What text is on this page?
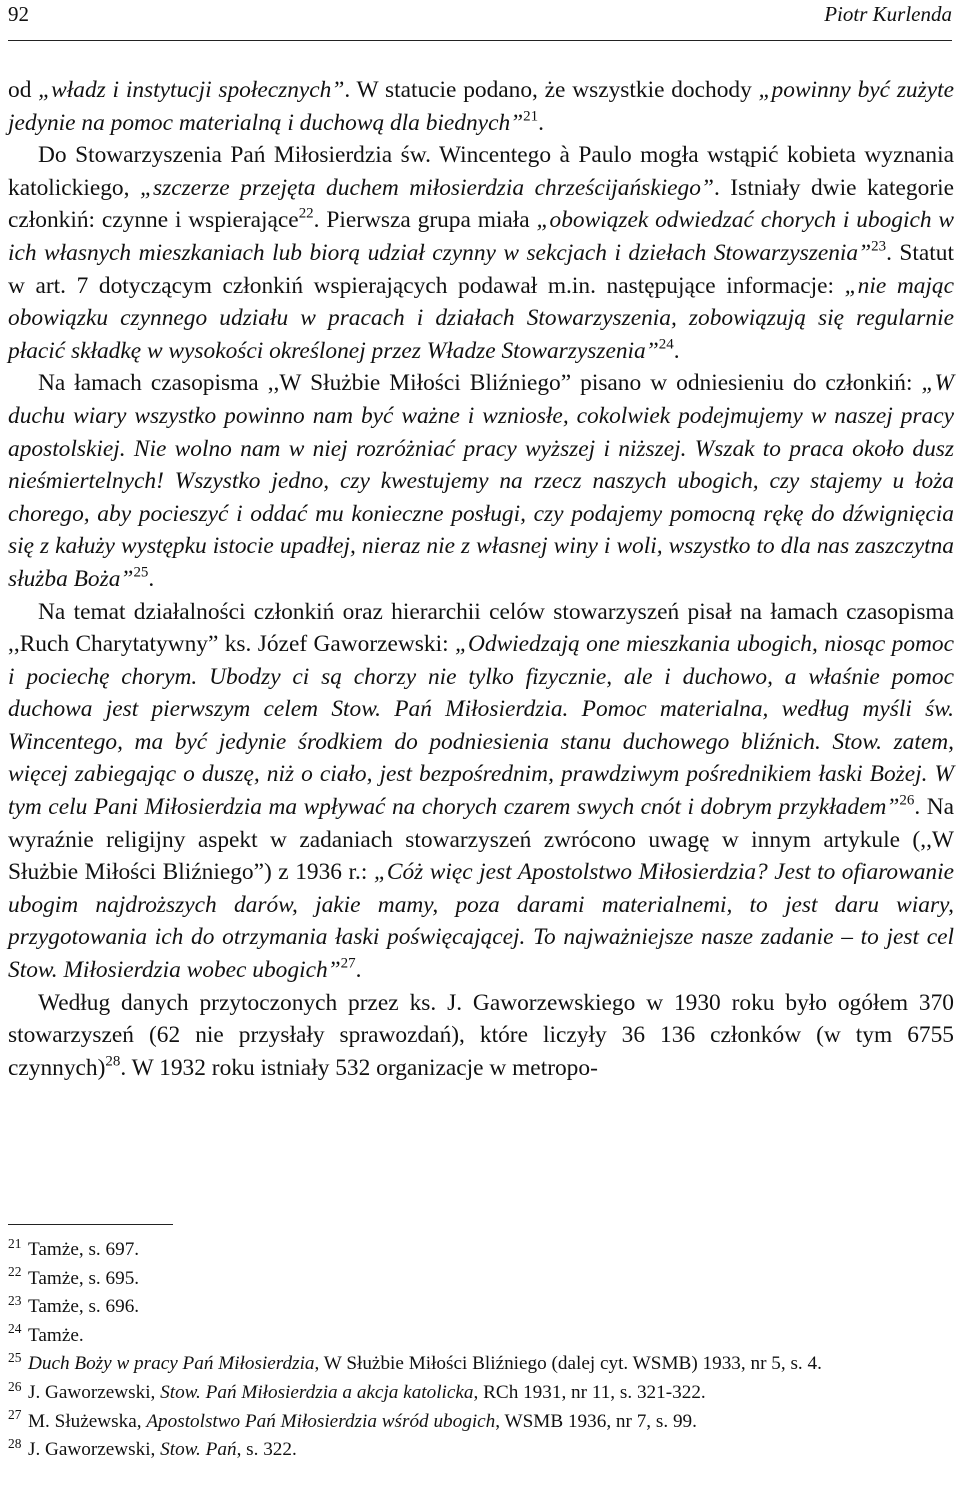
92	Piotr Kurlenda

od „władz i instytucji społecznych”. W statucie podano, że wszystkie dochody „powinny być zużyte jedynie na pomoc materialną i duchową dla biednych”$^{21}$.

Do Stowarzyszenia Pań Miłosierdzia św. Wincentego à Paulo mogła wstąpić kobieta wyznania katolickiego, „szczerze przejęta duchem miłosierdzia chrześcijańskiego”. Istniały dwie kategorie członkiń: czynne i wspierające$^{22}$. Pierwsza grupa miała „obowiązek odwiedzać chorych i ubogich w ich własnych mieszkaniach lub biorą udział czynny w sekcjach i dziełach Stowarzyszenia”$^{23}$. Statut w art. 7 dotyczącym członkiń wspierających podawał m.in. następujące informacje: „nie mając obowiązku czynnego udziału w pracach i działach Stowarzyszenia, zobowiązują się regularnie płacić składkę w wysokości określonej przez Władze Stowarzyszenia”$^{24}$.

Na łamach czasopisma ,,W Służbie Miłości Bliźniego” pisano w odniesieniu do członkiń: „W duchu wiary wszystko powinno nam być ważne i wzniosłe, cokolwiek podejmujemy w naszej pracy apostolskiej. Nie wolno nam w niej rozróżniać pracy wyższej i niższej. Wszak to praca około dusz nieśmiertelnych! Wszystko jedno, czy kwestujemy na rzecz naszych ubogich, czy stajemy u łoża chorego, aby pocieszyć i oddać mu konieczne posługi, czy podajemy pomocną rękę do dźwignięcia się z kałuży występku istocie upadłej, nieraz nie z własnej winy i woli, wszystko to dla nas zaszczytna służba Boża”$^{25}$.

Na temat działalności członkiń oraz hierarchii celów stowarzyszeń pisał na łamach czasopisma ,,Ruch Charytatywny” ks. Józef Gaworzewski: „Odwiedzają one mieszkania ubogich, niosąc pomoc i pociechę chorym. Ubodzy ci są chorzy nie tylko fizycznie, ale i duchowo, a właśnie pomoc duchowa jest pierwszym celem Stow. Pań Miłosierdzia. Pomoc materialna, według myśli św. Wincentego, ma być jedynie środkiem do podniesienia stanu duchowego bliźnich. Stow. zatem, więcej zabiegając o duszę, niż o ciało, jest bezpośrednim, prawdziwym pośrednikiem łaski Bożej. W tym celu Pani Miłosierdzia ma wpływać na chorych czarem swych cnót i dobrym przykładem”$^{26}$. Na wyraźnie religijny aspekt w zadaniach stowarzyszeń zwrócono uwagę w innym artykule (,,W Służbie Miłości Bliźniego”) z 1936 r.: „Cóż więc jest Apostolstwo Miłosierdzia? Jest to ofiarowanie ubogim najdroższych darów, jakie mamy, poza darami materialnemi, to jest daru wiary, przygotowania ich do otrzymania łaski poświęcającej. To najważniejsze nasze zadanie – to jest cel Stow. Miłosierdzia wobec ubogich”$^{27}$.

Według danych przytoczonych przez ks. J. Gaworzewskiego w 1930 roku było ogółem 370 stowarzyszeń (62 nie przysłały sprawozdań), które liczyły 36 136 członków (w tym 6755 czynnych)$^{28}$. W 1932 roku istniały 532 organizacje w metropo-

$^{21}$ Tamże, s. 697.
$^{22}$ Tamże, s. 695.
$^{23}$ Tamże, s. 696.
$^{24}$ Tamże.
$^{25}$ Duch Boży w pracy Pań Miłosierdzia, W Służbie Miłości Bliźniego (dalej cyt. WSMB) 1933, nr 5, s. 4.
$^{26}$ J. Gaworzewski, Stow. Pań Miłosierdzia a akcja katolicka, RCh 1931, nr 11, s. 321-322.
$^{27}$ M. Służewska, Apostolstwo Pań Miłosierdzia wśród ubogich, WSMB 1936, nr 7, s. 99.
$^{28}$ J. Gaworzewski, Stow. Pań, s. 322.
